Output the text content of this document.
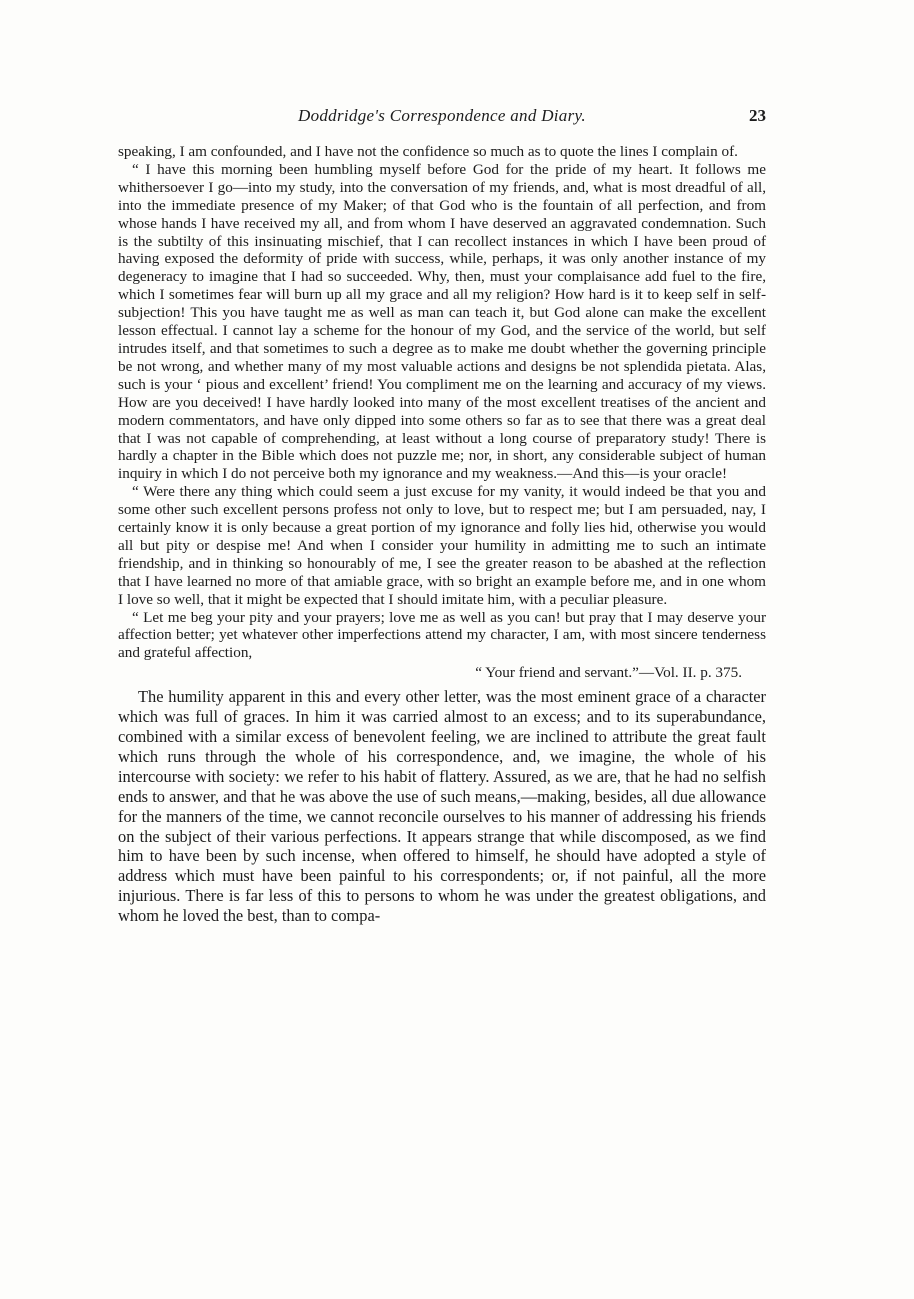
Doddridge's Correspondence and Diary.	23

speaking, I am confounded, and I have not the confidence so much as to quote the lines I complain of.

“ I have this morning been humbling myself before God for the pride of my heart. It follows me whithersoever I go—into my study, into the conversation of my friends, and, what is most dreadful of all, into the immediate presence of my Maker; of that God who is the fountain of all perfection, and from whose hands I have received my all, and from whom I have deserved an aggravated condemnation. Such is the subtilty of this insinuating mischief, that I can recollect instances in which I have been proud of having exposed the deformity of pride with success, while, perhaps, it was only another instance of my degeneracy to imagine that I had so succeeded. Why, then, must your complaisance add fuel to the fire, which I sometimes fear will burn up all my grace and all my religion? How hard is it to keep self in self-subjection! This you have taught me as well as man can teach it, but God alone can make the excellent lesson effectual. I cannot lay a scheme for the honour of my God, and the service of the world, but self intrudes itself, and that sometimes to such a degree as to make me doubt whether the governing principle be not wrong, and whether many of my most valuable actions and designs be not splendida pietata. Alas, such is your ‘ pious and excellent’ friend! You compliment me on the learning and accuracy of my views. How are you deceived! I have hardly looked into many of the most excellent treatises of the ancient and modern commentators, and have only dipped into some others so far as to see that there was a great deal that I was not capable of comprehending, at least without a long course of preparatory study! There is hardly a chapter in the Bible which does not puzzle me; nor, in short, any considerable subject of human inquiry in which I do not perceive both my ignorance and my weakness.—And this—is your oracle!

“ Were there any thing which could seem a just excuse for my vanity, it would indeed be that you and some other such excellent persons profess not only to love, but to respect me; but I am persuaded, nay, I certainly know it is only because a great portion of my ignorance and folly lies hid, otherwise you would all but pity or despise me! And when I consider your humility in admitting me to such an intimate friendship, and in thinking so honourably of me, I see the greater reason to be abashed at the reflection that I have learned no more of that amiable grace, with so bright an example before me, and in one whom I love so well, that it might be expected that I should imitate him, with a peculiar pleasure.

“ Let me beg your pity and your prayers; love me as well as you can! but pray that I may deserve your affection better; yet whatever other imperfections attend my character, I am, with most sincere tenderness and grateful affection,

“ Your friend and servant.”—Vol. II. p. 375.

The humility apparent in this and every other letter, was the most eminent grace of a character which was full of graces. In him it was carried almost to an excess; and to its superabundance, combined with a similar excess of benevolent feeling, we are inclined to attribute the great fault which runs through the whole of his correspondence, and, we imagine, the whole of his intercourse with society: we refer to his habit of flattery. Assured, as we are, that he had no selfish ends to answer, and that he was above the use of such means,—making, besides, all due allowance for the manners of the time, we cannot reconcile ourselves to his manner of addressing his friends on the subject of their various perfections. It appears strange that while discomposed, as we find him to have been by such incense, when offered to himself, he should have adopted a style of address which must have been painful to his correspondents; or, if not painful, all the more injurious. There is far less of this to persons to whom he was under the greatest obligations, and whom he loved the best, than to compa-
